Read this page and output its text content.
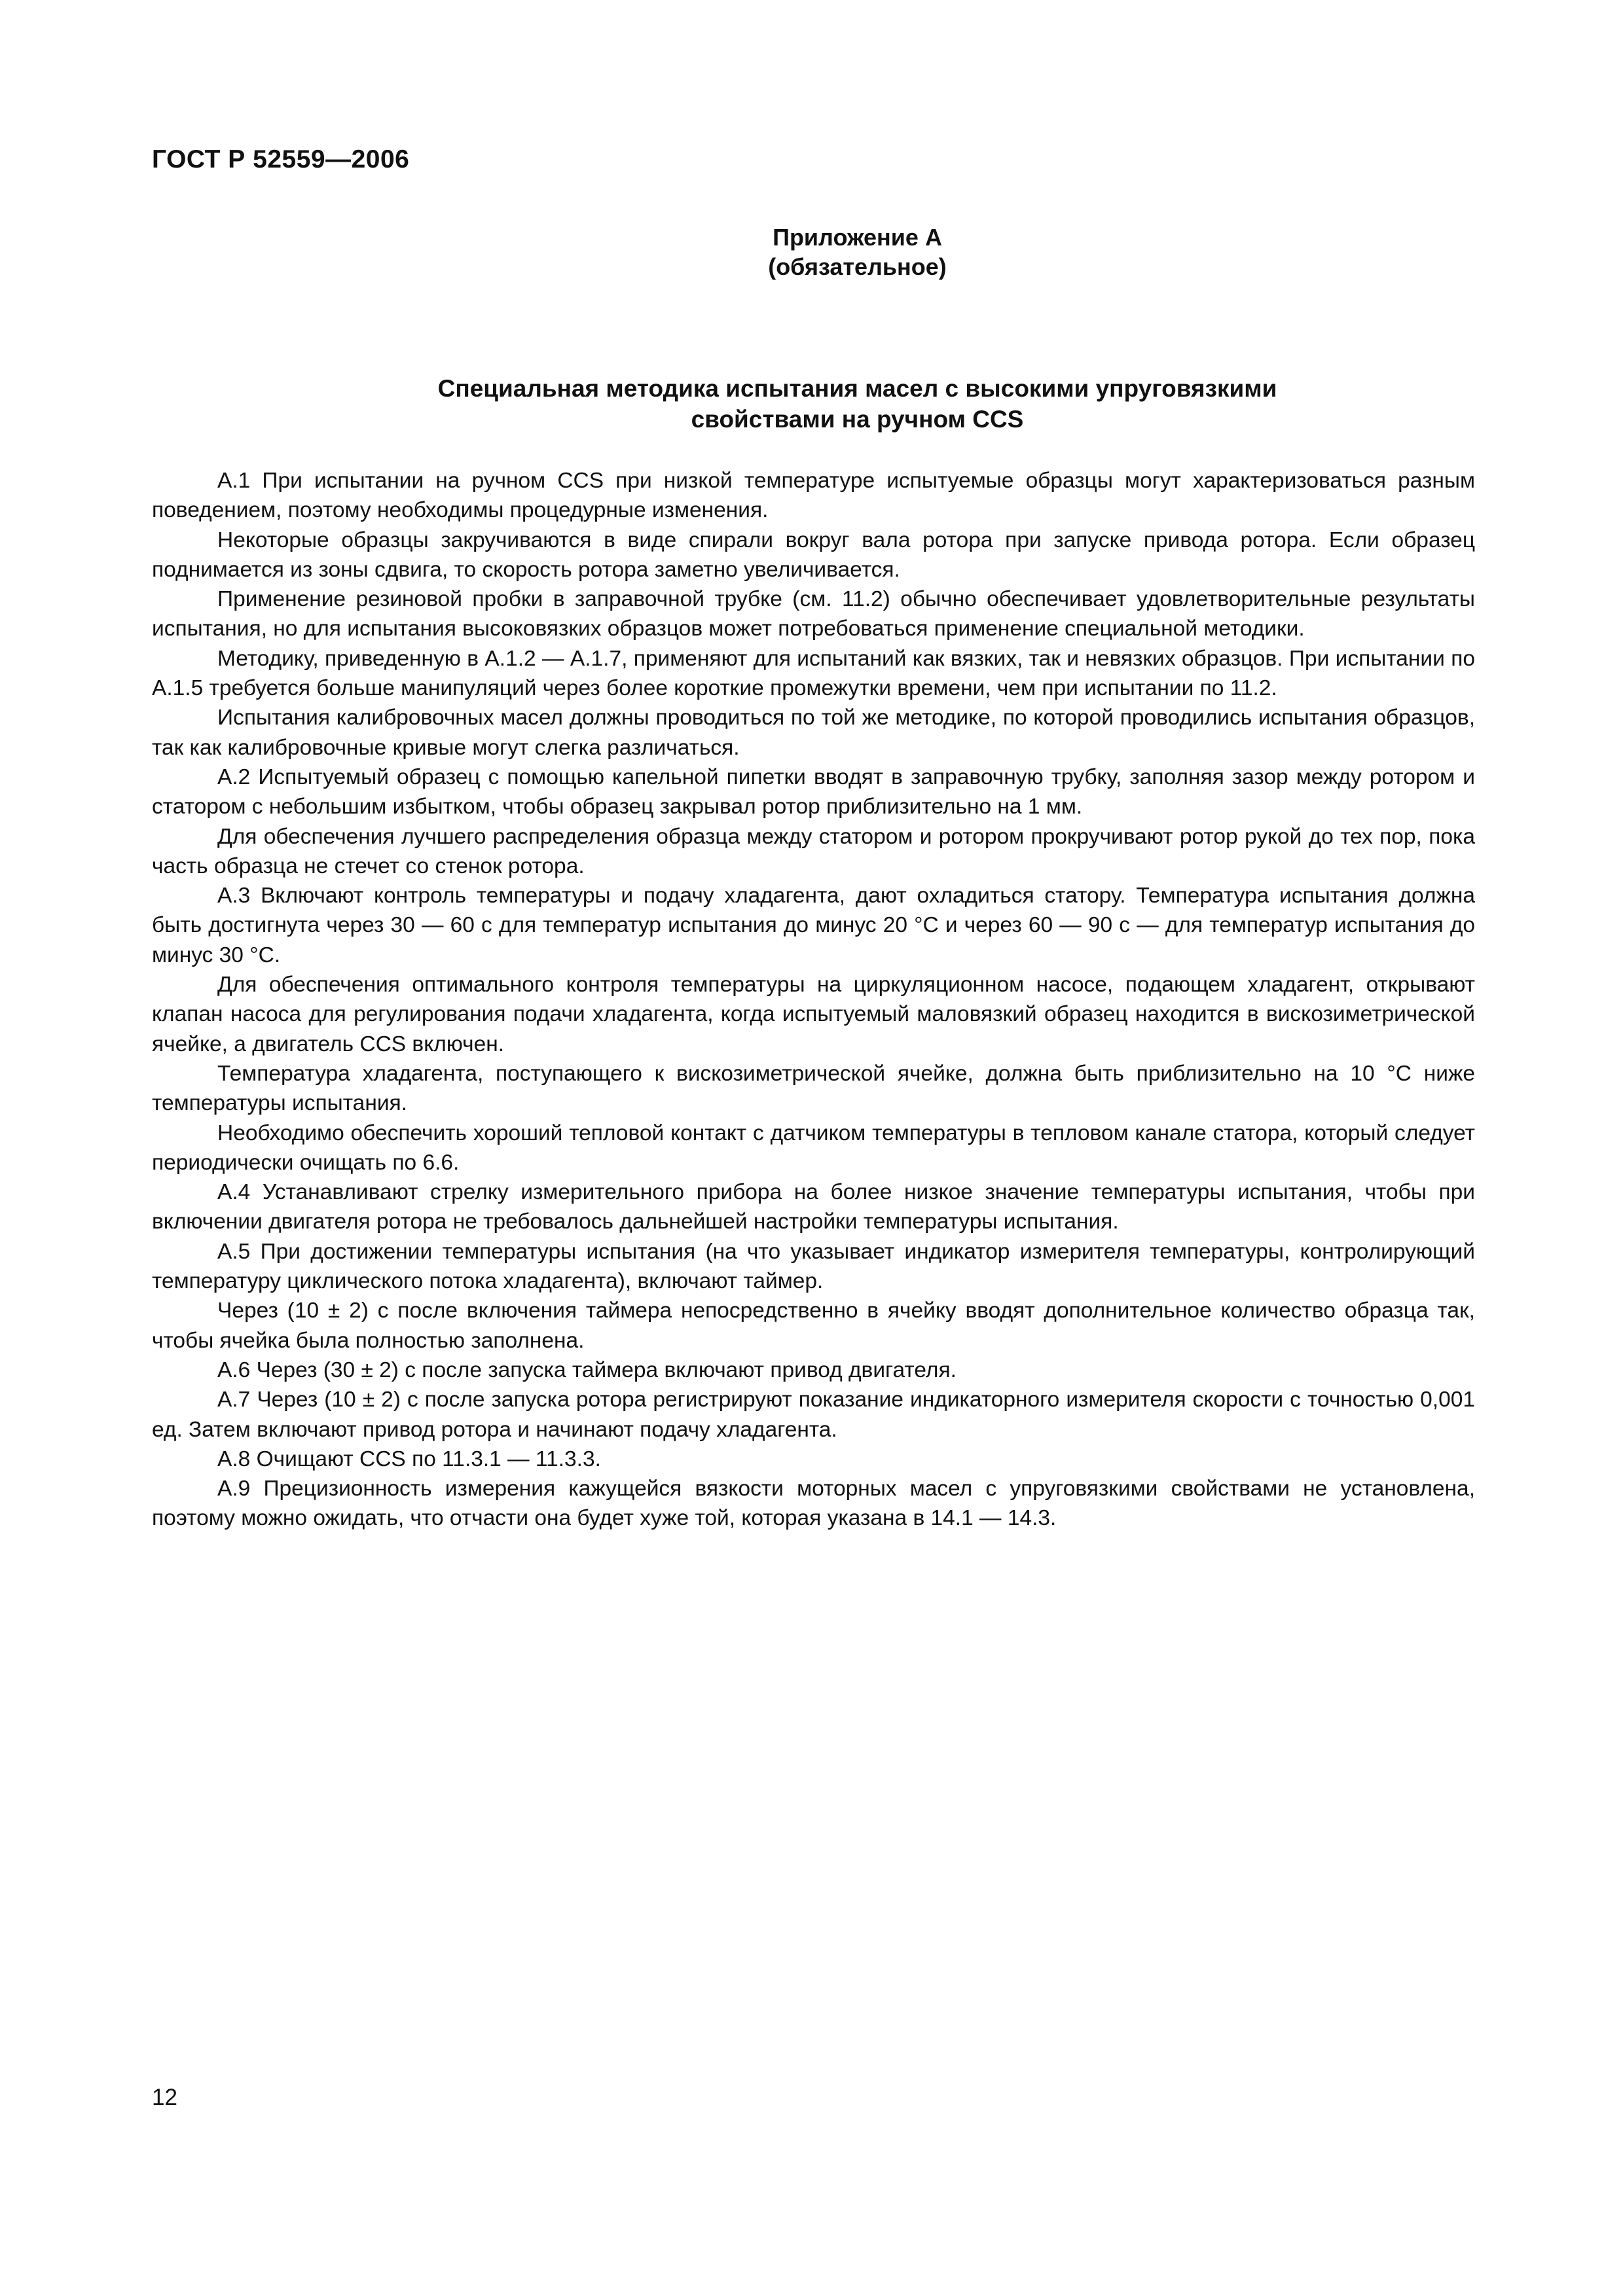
ГОСТ Р 52559—2006
Приложение А
(обязательное)
Специальная методика испытания масел с высокими упруговязкими
свойствами на ручном CCS

А.1 При испытании на ручном CCS при низкой температуре испытуемые образцы могут характеризоваться разным поведением, поэтому необходимы процедурные изменения.

Некоторые образцы закручиваются в виде спирали вокруг вала ротора при запуске привода ротора. Если образец поднимается из зоны сдвига, то скорость ротора заметно увеличивается.

Применение резиновой пробки в заправочной трубке (см. 11.2) обычно обеспечивает удовлетворительные результаты испытания, но для испытания высоковязких образцов может потребоваться применение специальной методики.

Методику, приведенную в А.1.2 — А.1.7, применяют для испытаний как вязких, так и невязких образцов. При испытании по А.1.5 требуется больше манипуляций через более короткие промежутки времени, чем при испытании по 11.2.

Испытания калибровочных масел должны проводиться по той же методике, по которой проводились испытания образцов, так как калибровочные кривые могут слегка различаться.

А.2 Испытуемый образец с помощью капельной пипетки вводят в заправочную трубку, заполняя зазор между ротором и статором с небольшим избытком, чтобы образец закрывал ротор приблизительно на 1 мм.

Для обеспечения лучшего распределения образца между статором и ротором прокручивают ротор рукой до тех пор, пока часть образца не стечет со стенок ротора.

А.3 Включают контроль температуры и подачу хладагента, дают охладиться статору. Температура испытания должна быть достигнута через 30 — 60 с для температур испытания до минус 20 °С и через 60 — 90 с — для температур испытания до минус 30 °С.

Для обеспечения оптимального контроля температуры на циркуляционном насосе, подающем хладагент, открывают клапан насоса для регулирования подачи хладагента, когда испытуемый маловязкий образец находится в вискозиметрической ячейке, а двигатель CCS включен.

Температура хладагента, поступающего к вискозиметрической ячейке, должна быть приблизительно на 10 °С ниже температуры испытания.

Необходимо обеспечить хороший тепловой контакт с датчиком температуры в тепловом канале статора, который следует периодически очищать по 6.6.

А.4 Устанавливают стрелку измерительного прибора на более низкое значение температуры испытания, чтобы при включении двигателя ротора не требовалось дальнейшей настройки температуры испытания.

А.5 При достижении температуры испытания (на что указывает индикатор измерителя температуры, контролирующий температуру циклического потока хладагента), включают таймер.

Через (10 ± 2) с после включения таймера непосредственно в ячейку вводят дополнительное количество образца так, чтобы ячейка была полностью заполнена.

А.6 Через (30 ± 2) с после запуска таймера включают привод двигателя.

А.7 Через (10 ± 2) с после запуска ротора регистрируют показание индикаторного измерителя скорости с точностью 0,001 ед. Затем включают привод ротора и начинают подачу хладагента.

А.8 Очищают CCS по 11.3.1 — 11.3.3.

А.9 Прецизионность измерения кажущейся вязкости моторных масел с упруговязкими свойствами не установлена, поэтому можно ожидать, что отчасти она будет хуже той, которая указана в 14.1 — 14.3.

12
